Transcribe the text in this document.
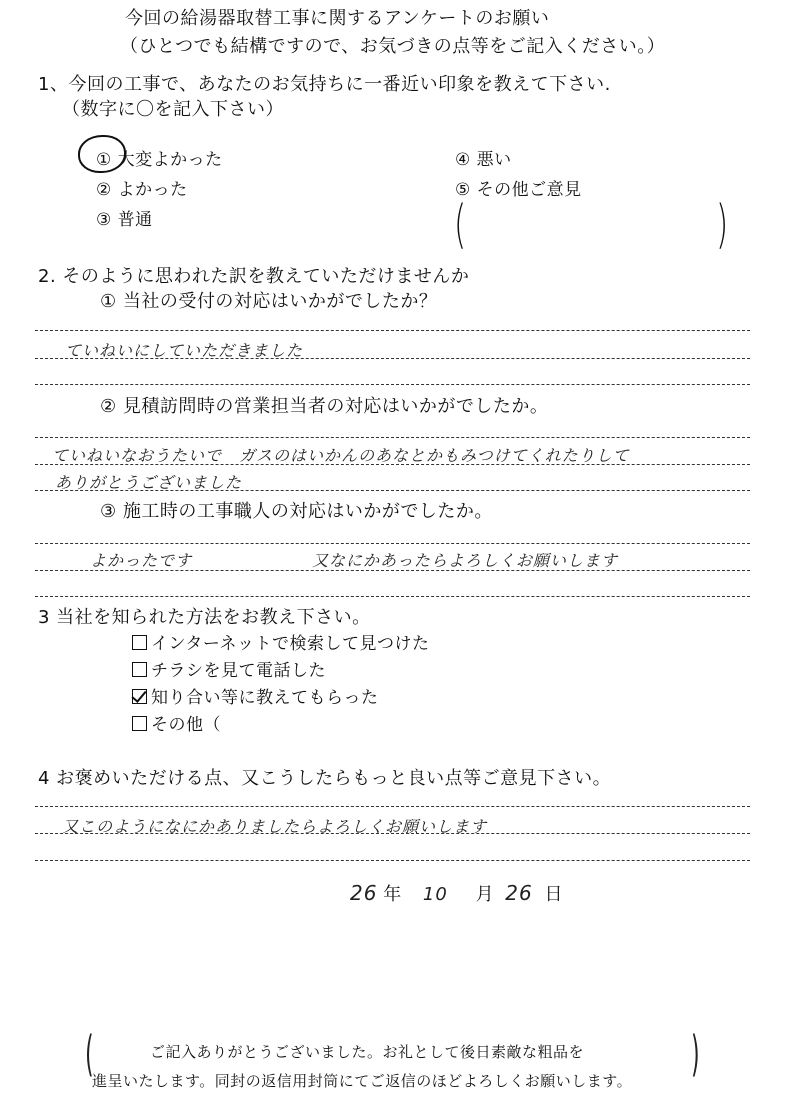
今回の給湯器取替工事に関するアンケートのお願い
（ひとつでも結構ですので、お気づきの点等をご記入ください。）
1、今回の工事で、あなたのお気持ちに一番近い印象を教えて下さい.
（数字に〇を記入下さい）
① 大変よかった
② よかった
③ 普通
④ 悪い
⑤ その他ご意見
(	)
2. そのように思われた訳を教えていただけませんか
① 当社の受付の対応はいかがでしたか？
ていねいにしていただきました
② 見積訪問時の営業担当者の対応はいかがでしたか。
ていねいなおうたいで　ガスのはいかんのあなとかもみつけてくれたりして
ありがとうございました
③ 施工時の工事職人の対応はいかがでしたか。
よかったです	又なにかあったらよろしくお願いします
3 当社を知られた方法をお教え下さい。
インターネットで検索して見つけた
チラシを見て電話した
知り合い等に教えてもらった
その他（
4 お褒めいただける点、又こうしたらもっと良い点等ご意見下さい。
又このようになにかありましたらよろしくお願いします
26 年 10 月 26 日
(	)
ご記入ありがとうございました。お礼として後日素敵な粗品を
進呈いたします。同封の返信用封筒にてご返信のほどよろしくお願いします。
